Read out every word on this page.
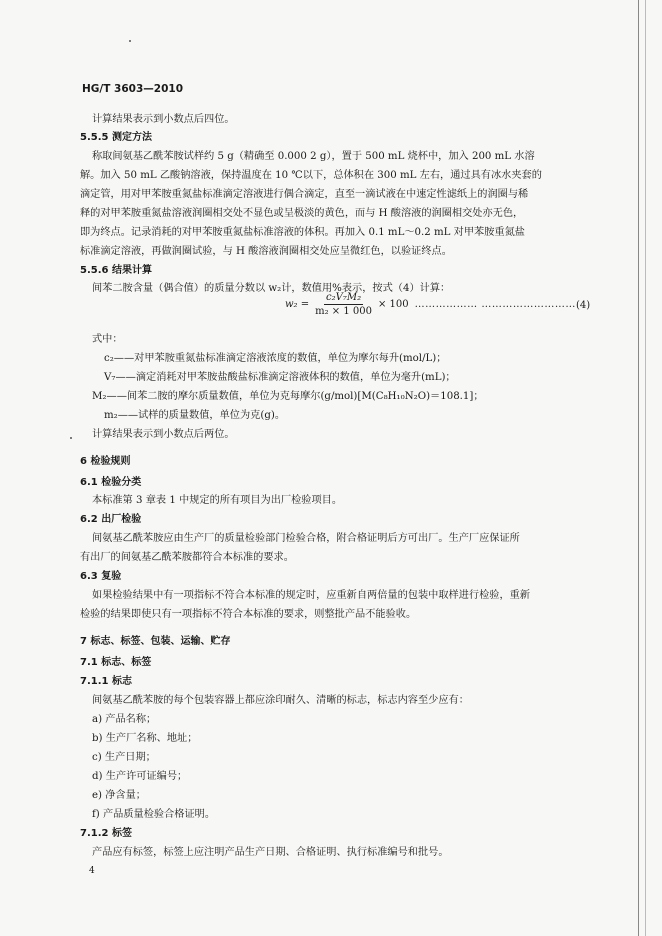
HG/T 3603—2010
计算结果表示到小数点后四位。
5.5.5 测定方法
称取间氨基乙酰苯胺试样约 5 g（精确至 0.000 2 g），置于 500 mL 烧杯中，加入 200 mL 水溶
解。加入 50 mL 乙酸钠溶液，保持温度在 10 ℃以下，总体积在 300 mL 左右，通过具有冰水夹套的
滴定管，用对甲苯胺重氮盐标准滴定溶液进行偶合滴定，直至一滴试液在中速定性滤纸上的润圈与稀
释的对甲苯胺重氮盐溶液润圈相交处不显色或呈极淡的黄色，而与 H 酸溶液的润圈相交处亦无色，
即为终点。记录消耗的对甲苯胺重氮盐标准溶液的体积。再加入 0.1 mL～0.2 mL 对甲苯胺重氮盐
标准滴定溶液，再做润圈试验，与 H 酸溶液润圈相交处应呈微红色，以验证终点。
5.5.6 结果计算
间苯二胺含量（偶合值）的质量分数以 w₂计，数值用%表示，按式（4）计算：
$w_2 = \frac{\text{c₂V₇M₂}}{\text{m₂ × 1 000}} \times 100$ ……………… ……………………… (4)
式中：
c₂——对甲苯胺重氮盐标准滴定溶液浓度的数值，单位为摩尔每升(mol/L)；
V₇——滴定消耗对甲苯胺盐酸盐标准滴定溶液体积的数值，单位为毫升(mL)；
M₂——间苯二胺的摩尔质量数值，单位为克每摩尔(g/mol)[M(C₈H₁₀N₂O)＝108.1]；
m₂——试样的质量数值，单位为克(g)。
计算结果表示到小数点后两位。
6 检验规则
6.1 检验分类
本标准第 3 章表 1 中规定的所有项目为出厂检验项目。
6.2 出厂检验
间氨基乙酰苯胺应由生产厂的质量检验部门检验合格，附合格证明后方可出厂。生产厂应保证所
有出厂的间氨基乙酰苯胺都符合本标准的要求。
6.3 复验
如果检验结果中有一项指标不符合本标准的规定时，应重新自两倍量的包装中取样进行检验，重新
检验的结果即使只有一项指标不符合本标准的要求，则整批产品不能验收。
7 标志、标签、包装、运输、贮存
7.1 标志、标签
7.1.1 标志
间氨基乙酰苯胺的每个包装容器上都应涂印耐久、清晰的标志，标志内容至少应有：
a) 产品名称；
b) 生产厂名称、地址；
c) 生产日期；
d) 生产许可证编号；
e) 净含量；
f) 产品质量检验合格证明。
7.1.2 标签
产品应有标签，标签上应注明产品生产日期、合格证明、执行标准编号和批号。
4
